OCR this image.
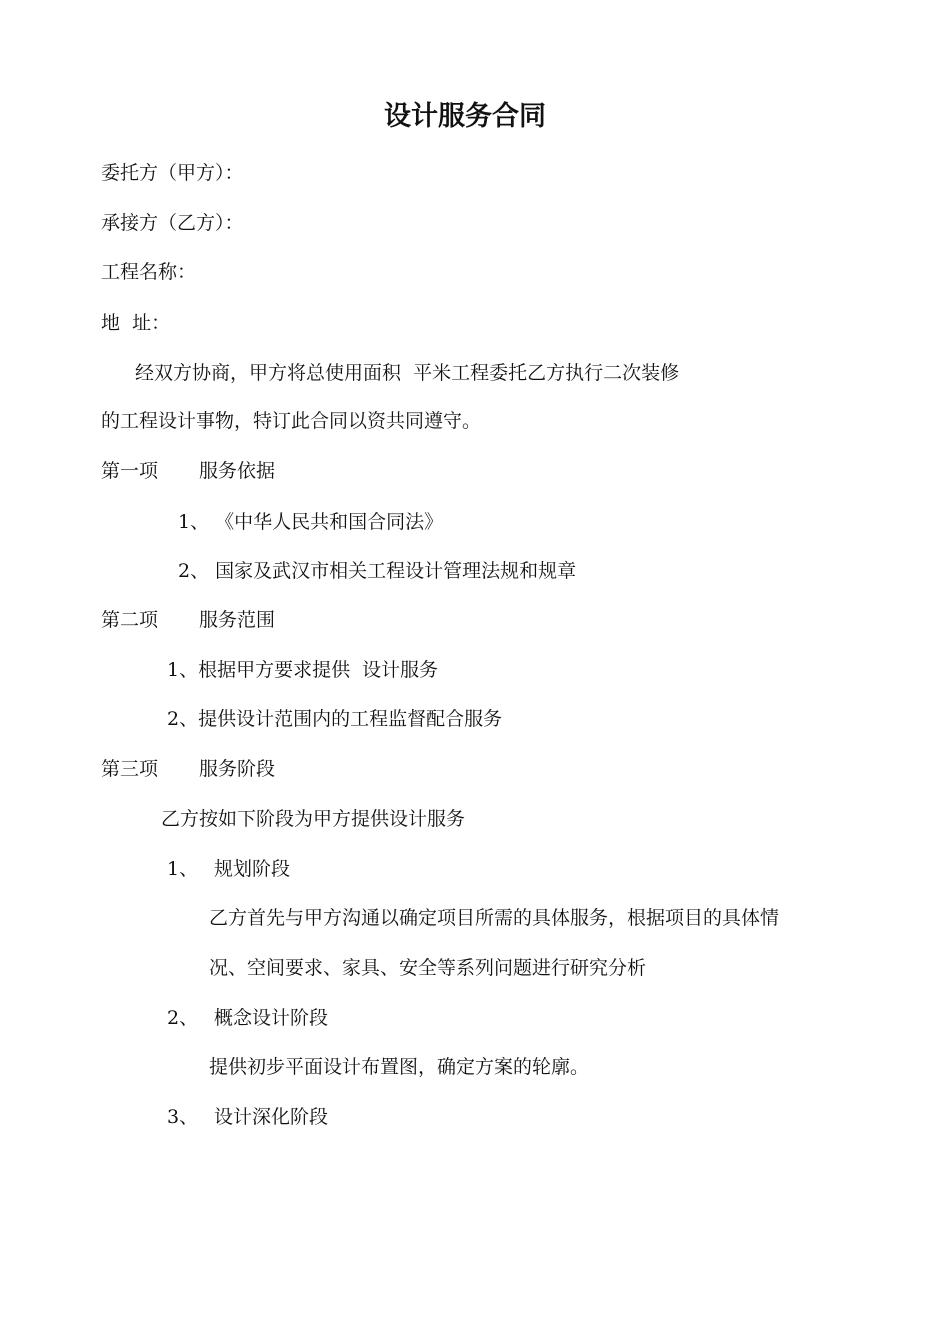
设计服务合同
委托方（甲方）：
承接方（乙方）：
工程名称：
地  址：
经双方协商，甲方将总使用面积  平米工程委托乙方执行二次装修
的工程设计事物，特订此合同以资共同遵守。
第一项 服务依据
1、 《中华人民共和国合同法》
2、 国家及武汉市相关工程设计管理法规和规章
第二项 服务范围
1、根据甲方要求提供  设计服务
2、提供设计范围内的工程监督配合服务
第三项 服务阶段
乙方按如下阶段为甲方提供设计服务
1、 规划阶段
乙方首先与甲方沟通以确定项目所需的具体服务，根据项目的具体情
况、空间要求、家具、安全等系列问题进行研究分析
2、 概念设计阶段
提供初步平面设计布置图，确定方案的轮廓。
3、 设计深化阶段
